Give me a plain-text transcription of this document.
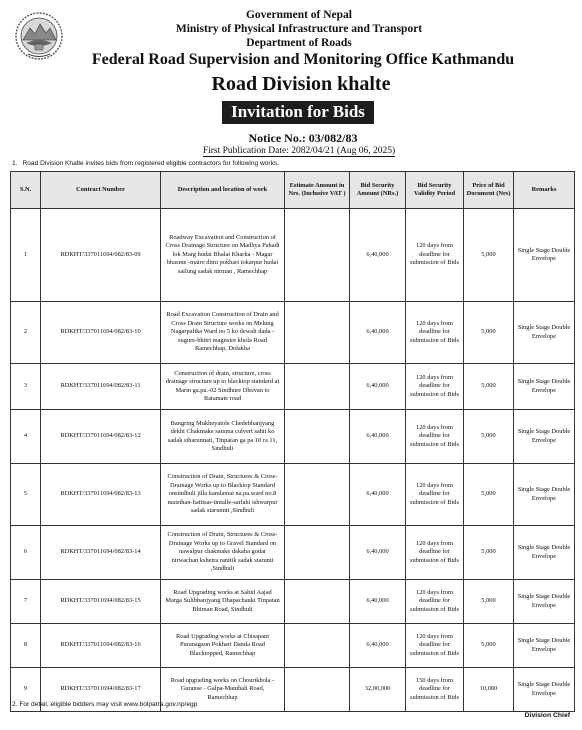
Government of Nepal
Ministry of Physical Infrastructure and Transport
Department of Roads
Federal Road Supervision and Monitoring Office Kathmandu
Road Division khalte
Invitation for Bids
Notice No.: 03/082/83
First Publication Date: 2082/04/21 (Aug 06, 2025)
1. Road Division Khalte invites bids from registered eligible contractors for following works.
S.N.	Contract Number	Description and location of work	Estimate Amount in Nrs. (Inclusive VAT )	Bid Security Amount (NRs.)	Bid Security Validity Period	Price of Bid Document (Nrs)	Remarks
1	RDKHT/337011694/082/83-09	Roadway Excavation and Construction of Cross Drainage Structure on Madhya Pahadi lok Marg hudai Bhalai Kharka - Magar bhasme -maire dimi pokhari tokarpur hudai sailung sadak nirman , Ramechhap		6,40,000	120 days from deadline for submission of Bids	5,000	Single Stage Double Envelope
2	RDKHT/337011694/082/83-10	Road Excavation Construction of Drain and Cross Drain Structure works on Melung Nagarpalika Ward no 5 ko dewali dada - sugure-bhitri magnsire khola Road Ramechhap, Dolakha		6,40,000	120 days from deadline for submission of Bids	5,000	Single Stage Double Envelope
3	RDKHT/337011694/082/83-11	Construction of drain, structure, cross drainage structure up to blacktop standard at Marin ga.pa.-02 Sindhure Dhovan to Ratamate road		6,40,000	120 days from deadline for submission of Bids	5,000	Single Stage Double Envelope
4	RDKHT/337011694/082/83-12	Bangring Mukheyatole Chedebhanjyang dekhi Chakmake samma culvert sahit ko sadak stharunnati, Tinpatan ga pa 10 ra 11, Sindhuli		6,40,000	120 days from deadline for submission of Bids	5,000	Single Stage Double Envelope
5	RDKHT/337011694/082/83-13	Construction of Drain, Structures & Cross-Drainage Works up to Blacktop Standard onsindhuli jilla kamlamai na.pa.ward no.8 maisthan-hattisar-tintalle-sarlahi ishwarpur sadak starunnti ,Sindhuli		6,40,000	120 days from deadline for submission of Bids	5,000	Single Stage Double Envelope
6	RDKHT/337011694/082/83-14	Construction of Drain, Structures & Cross-Drainage Works up to Gravel Standard on nawalpur chakmake dakaha godar nirwachan kshetra ranitik sadak starunti ,Sindhuli		6,40,000	120 days from deadline for submission of Bids	5,000	Single Stage Double Envelope
7	RDKHT/337011694/082/83-15	Road Upgrading works at Sahid Aajad Marga Sulibhanjyang Dhapachauki Tinpatan Bhiman Road, Sindhuli		6,40,000	120 days from deadline for submission of Bids	5,000	Single Stage Double Envelope
8	RDKHT/337011694/082/83-16	Road Upgrading works at Chisapani Puranagaun Pokhari Danda Road Blacktopped, Ramechhap		6,40,000	120 days from deadline for submission of Bids	5,000	Single Stage Double Envelope
9	RDKHT/337011694/082/83-17	Road upgrading works on Chourikhola - Guranse - Galpa-Manthali Road, Ramechhap		32,00,000	150 days from deadline for submission of Bids	10,000	Single Stage Double Envelope
2. For detail, eligible bidders may visit www.bolpatra.gov.np/egp
Division Chief
